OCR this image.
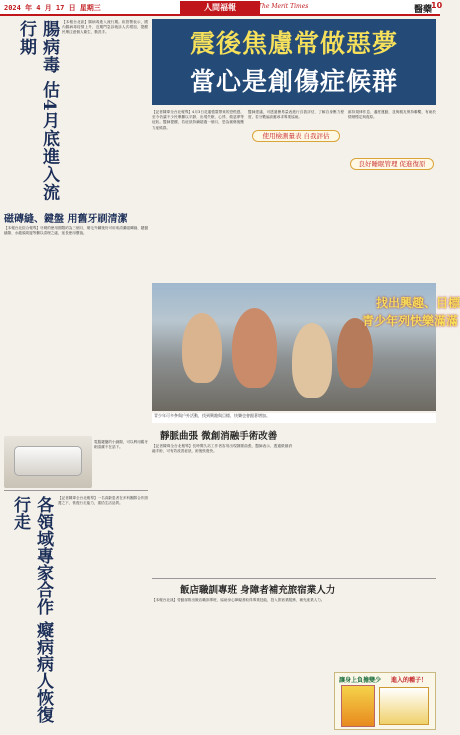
2024 年 4 月 17 日 星期三	人間福報	The Merit Times	醫藥 10
腸病毒 估4月底進入流行期	【本報台北訊】腸病毒進入流行期。疾管署表示，國內腸病毒疫情上升，近期門急診就診人次增加，提醒民眾注意個人衛生，勤洗手。
磁磚縫、鍵盤 用舊牙刷清潔
【本報台北綜合報導】牙刷的使用期限約為三個月，刷毛外翻後仍可用來清潔磁磚縫、鍵盤縫隙、水龍頭周邊等難以清理之處，延長使用價值。
電腦鍵盤的小縫隙，可以利用舊牙刷清潔不在話下。
各領域專家合作 癡病病人恢復行走	【記者陳瑋全台北報導】一名高齡患者在多科團隊合作照護之下，恢復行走能力，重拾生活品質。
震後焦慮常做惡夢
當心是創傷症候群
【記者陳瑋全台北報導】4月3日花蓮強震帶來的恐慌感，至今仍讓不少民眾難以平靜，出現失眠、心悸、做惡夢等症狀。醫師提醒，若症狀持續超過一個月，恐為創傷後壓力症候群。
醫師建議，可透過簡易量表進行自我評估，了解自身壓力程度，若分數偏高應尋求專業協助。
使用檢測量表 自我評估
維持規律作息、適度運動，並與親友保持聯繫，有助於情緒穩定與復原。
良好睡眠管理 促進復原
找出興趣、目標
青少年列快樂滿滿
青少年可多參與戶外活動，找到興趣與目標，快樂也會跟著增加。
靜脈曲張 微創消融手術改善
【記者陳瑋全台北報導】長時間久站工作者容易出現靜脈曲張，醫師表示，透過微創消融手術，可有效改善症狀，術後恢復快。
飯店職訓專班 身障者補充旅宿業人力
【本報台北訊】勞動部推出飯店職訓專班，協助身心障礙者取得專業技能，投入旅宿業服務，補充產業人力。
讓身上負擔變少 進入的種子！
